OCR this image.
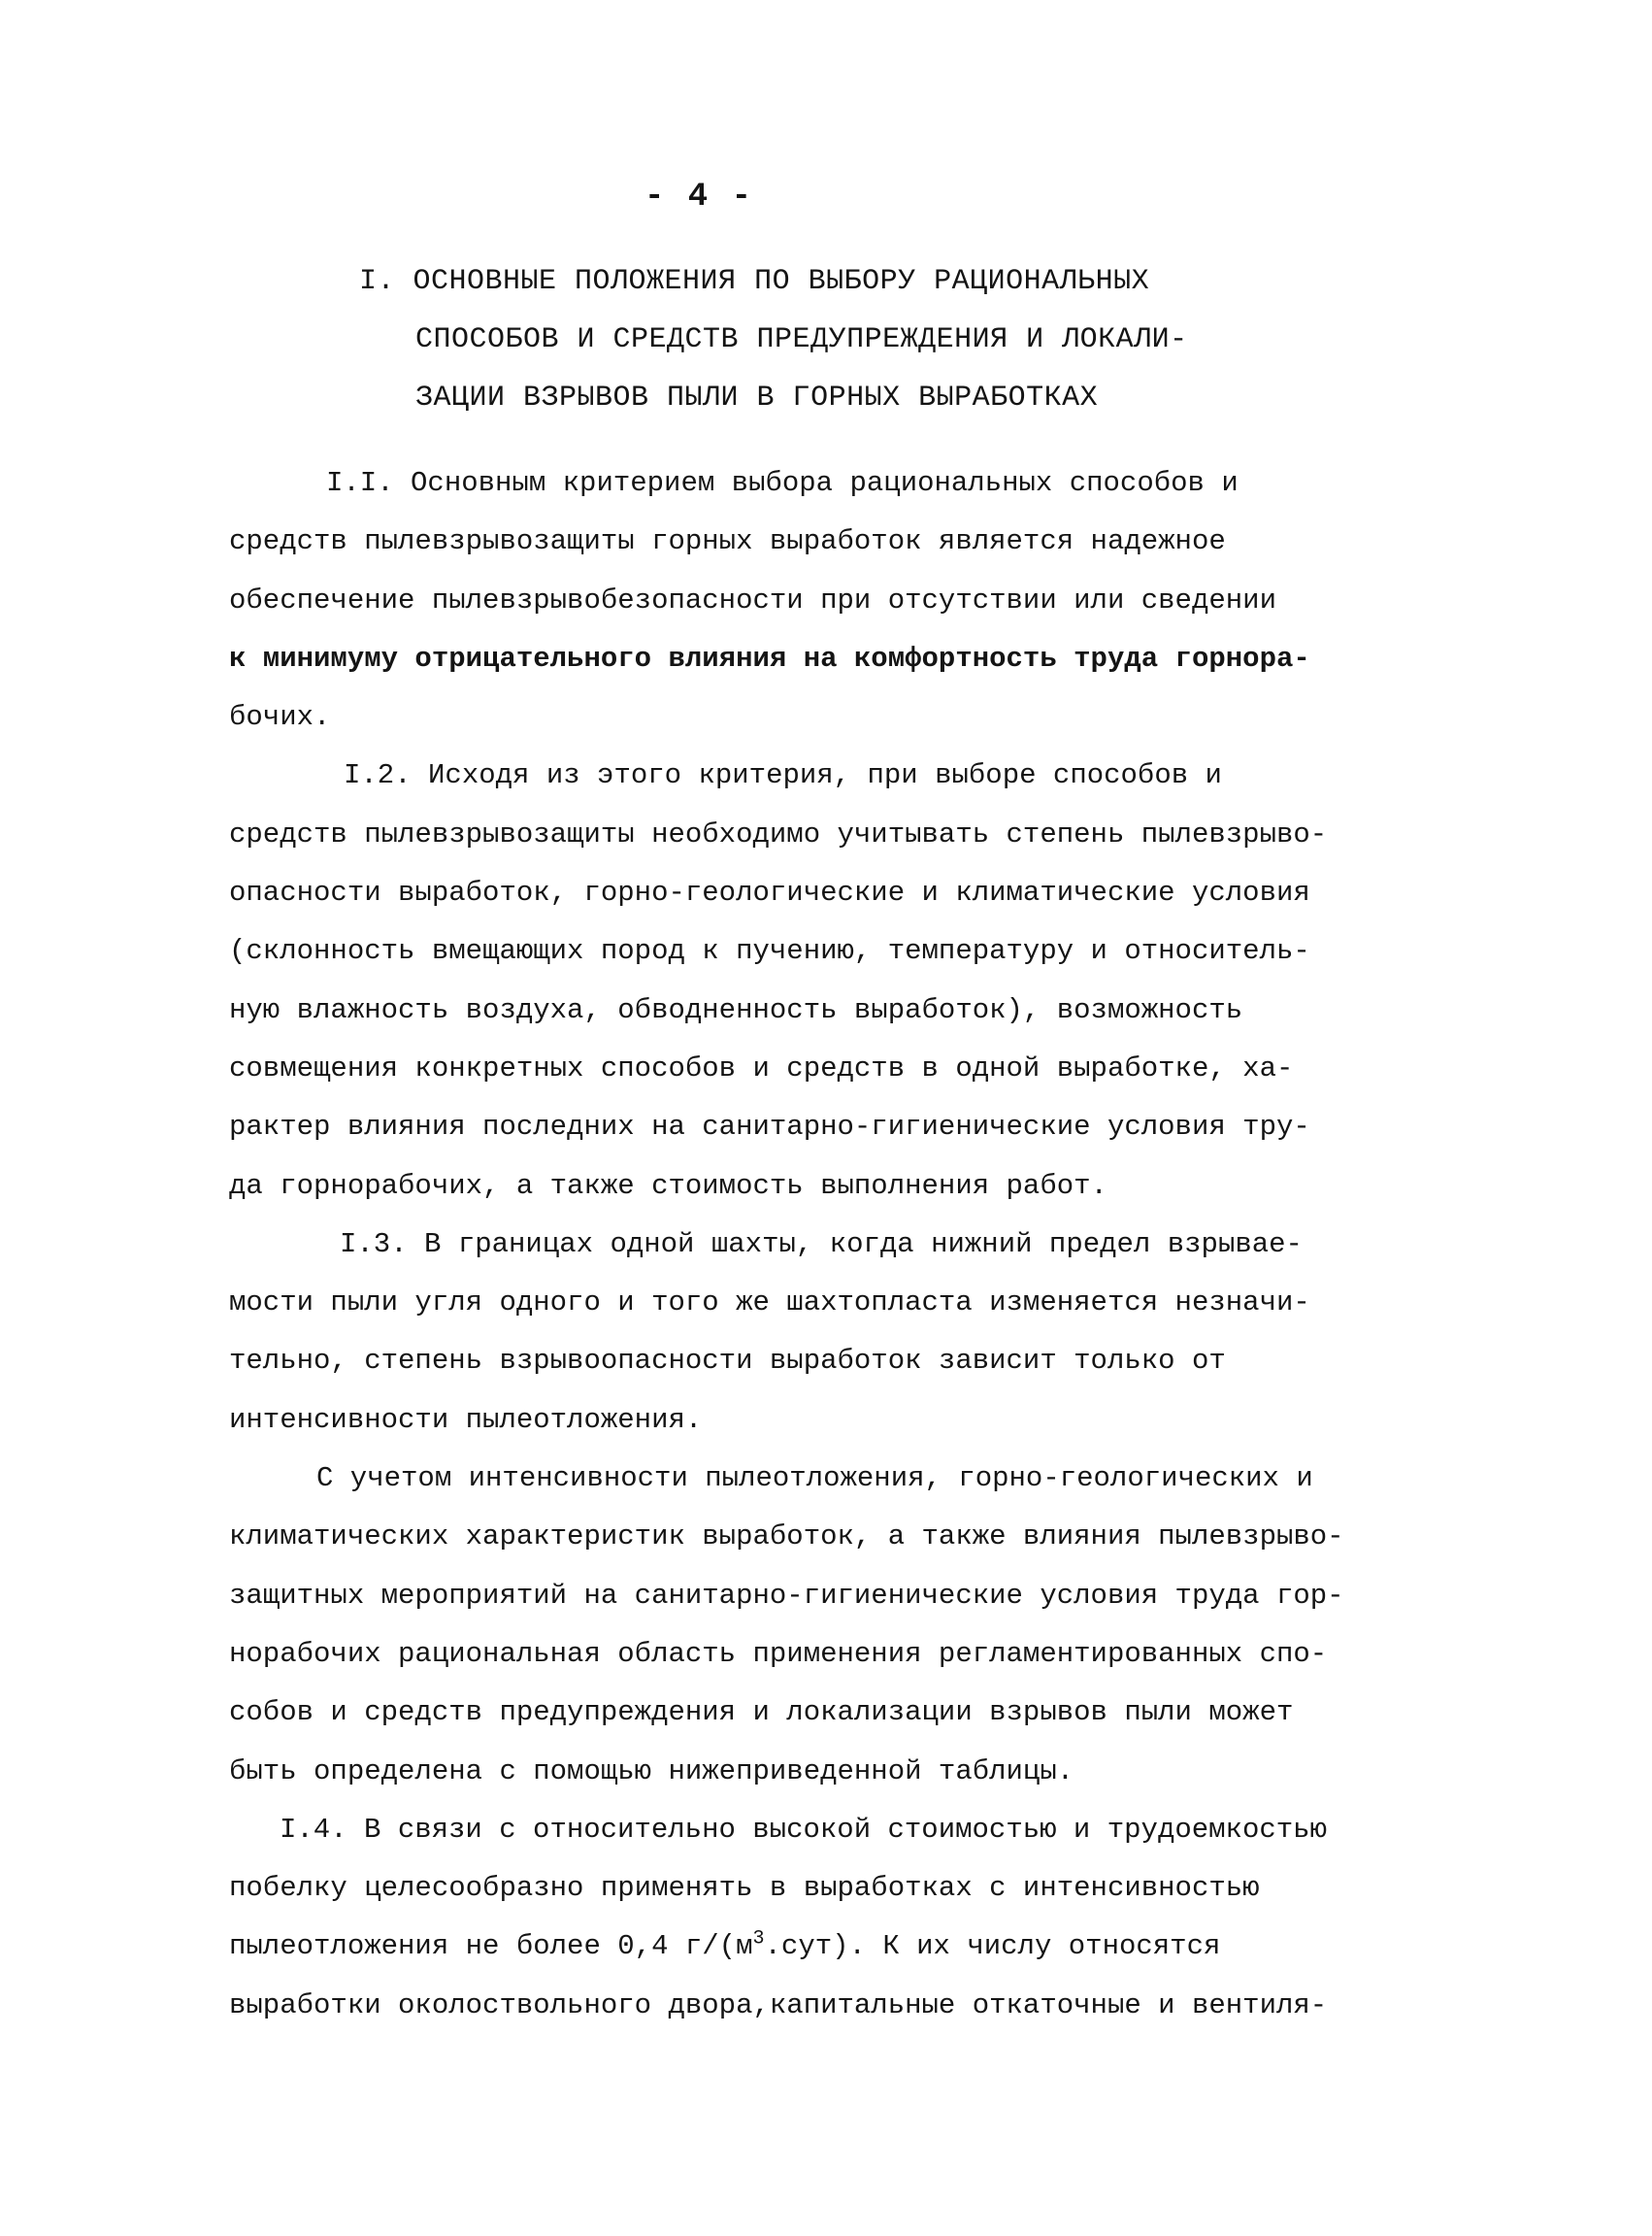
- 4 -
I. ОСНОВНЫЕ ПОЛОЖЕНИЯ ПО ВЫБОРУ РАЦИОНАЛЬНЫХ
СПОСОБОВ И СРЕДСТВ ПРЕДУПРЕЖДЕНИЯ И ЛОКАЛИ-
ЗАЦИИ ВЗРЫВОВ ПЫЛИ В ГОРНЫХ ВЫРАБОТКАХ
I.I. Основным критерием выбора рациональных способов и
средств пылевзрывозащиты горных выработок является надежное
обеспечение пылевзрывобезопасности при отсутствии или сведении
к минимуму отрицательного влияния на комфортность труда горнора-
бочих.
I.2. Исходя из этого критерия, при выборе способов и
средств пылевзрывозащиты необходимо учитывать степень пылевзрыво-
опасности выработок, горно-геологические и климатические условия
(склонность вмещающих пород к пучению, температуру и относитель-
ную влажность воздуха, обводненность выработок), возможность
совмещения конкретных способов и средств в одной выработке, ха-
рактер влияния последних на санитарно-гигиенические условия тру-
да горнорабочих, а также стоимость выполнения работ.
I.3. В границах одной шахты, когда нижний предел взрывае-
мости пыли угля одного и того же шахтопласта изменяется незначи-
тельно, степень взрывоопасности выработок зависит только от
интенсивности пылеотложения.
С учетом интенсивности пылеотложения, горно-геологических и
климатических характеристик выработок, а также влияния пылевзрыво-
защитных мероприятий на санитарно-гигиенические условия труда гор-
норабочих рациональная область применения регламентированных спо-
собов и средств предупреждения и локализации взрывов пыли может
быть определена с помощью нижеприведенной таблицы.
I.4. В связи с относительно высокой стоимостью и трудоемкостью
побелку целесообразно применять в выработках с интенсивностью
пылеотложения не более 0,4 $г/(м^3.сут)$. К их числу относятся
выработки околоствольного двора,капитальные откаточные и вентиля-
